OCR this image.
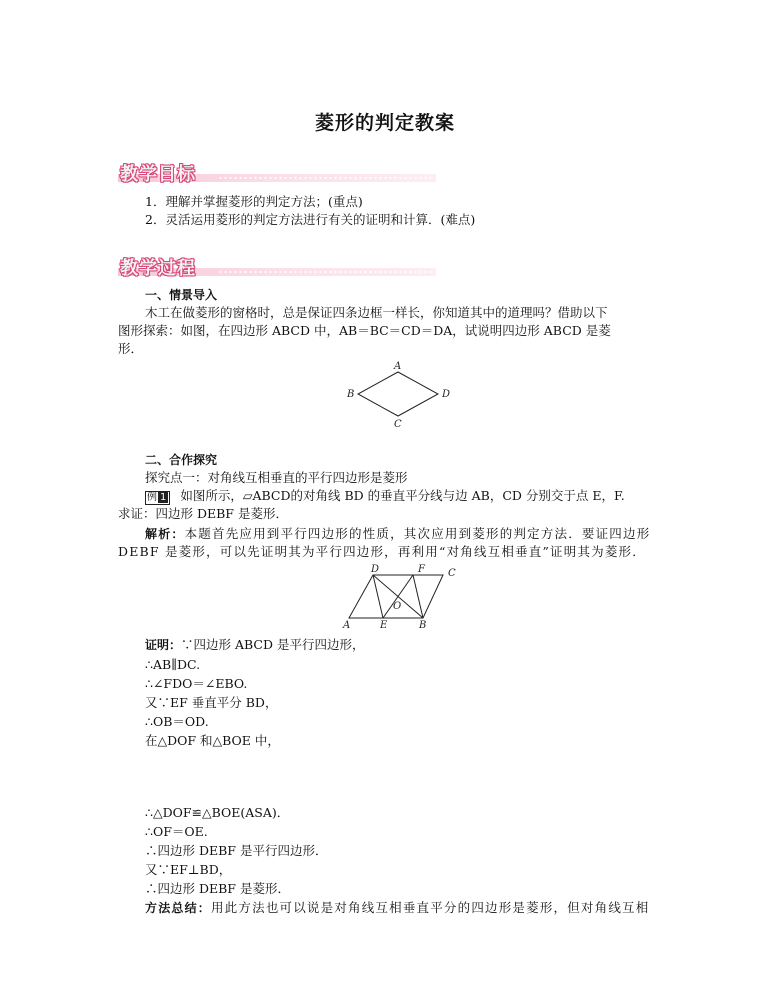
菱形的判定教案
教学目标
1．理解并掌握菱形的判定方法；(重点)
2．灵活运用菱形的判定方法进行有关的证明和计算．(难点)
教学过程
一、情景导入
木工在做菱形的窗格时，总是保证四条边框一样长，你知道其中的道理吗？借助以下
图形探索：如图，在四边形 ABCD 中，AB＝BC＝CD＝DA，试说明四边形 ABCD 是菱
形．
A
B
C
D
二、合作探究
探究点一：对角线互相垂直的平行四边形是菱形
例 1 如图所示，▱ABCD的对角线 BD 的垂直平分线与边 AB，CD 分别交于点 E，F.
求证：四边形 DEBF 是菱形．
解析：本题首先应用到平行四边形的性质，其次应用到菱形的判定方法．要证四边形
DEBF 是菱形，可以先证明其为平行四边形，再利用“对角线互相垂直”证明其为菱形．
D	F C
O
A	E	B
证明：∵四边形 ABCD 是平行四边形，
∴AB∥DC.
∴∠FDO＝∠EBO.
又∵EF 垂直平分 BD，
∴OB＝OD.
在△DOF 和△BOE 中，
∴△DOF≌△BOE(ASA)．
∴OF＝OE.
∴四边形 DEBF 是平行四边形．
又∵EF⊥BD，
∴四边形 DEBF 是菱形．
方法总结：用此方法也可以说是对角线互相垂直平分的四边形是菱形，但对角线互相
